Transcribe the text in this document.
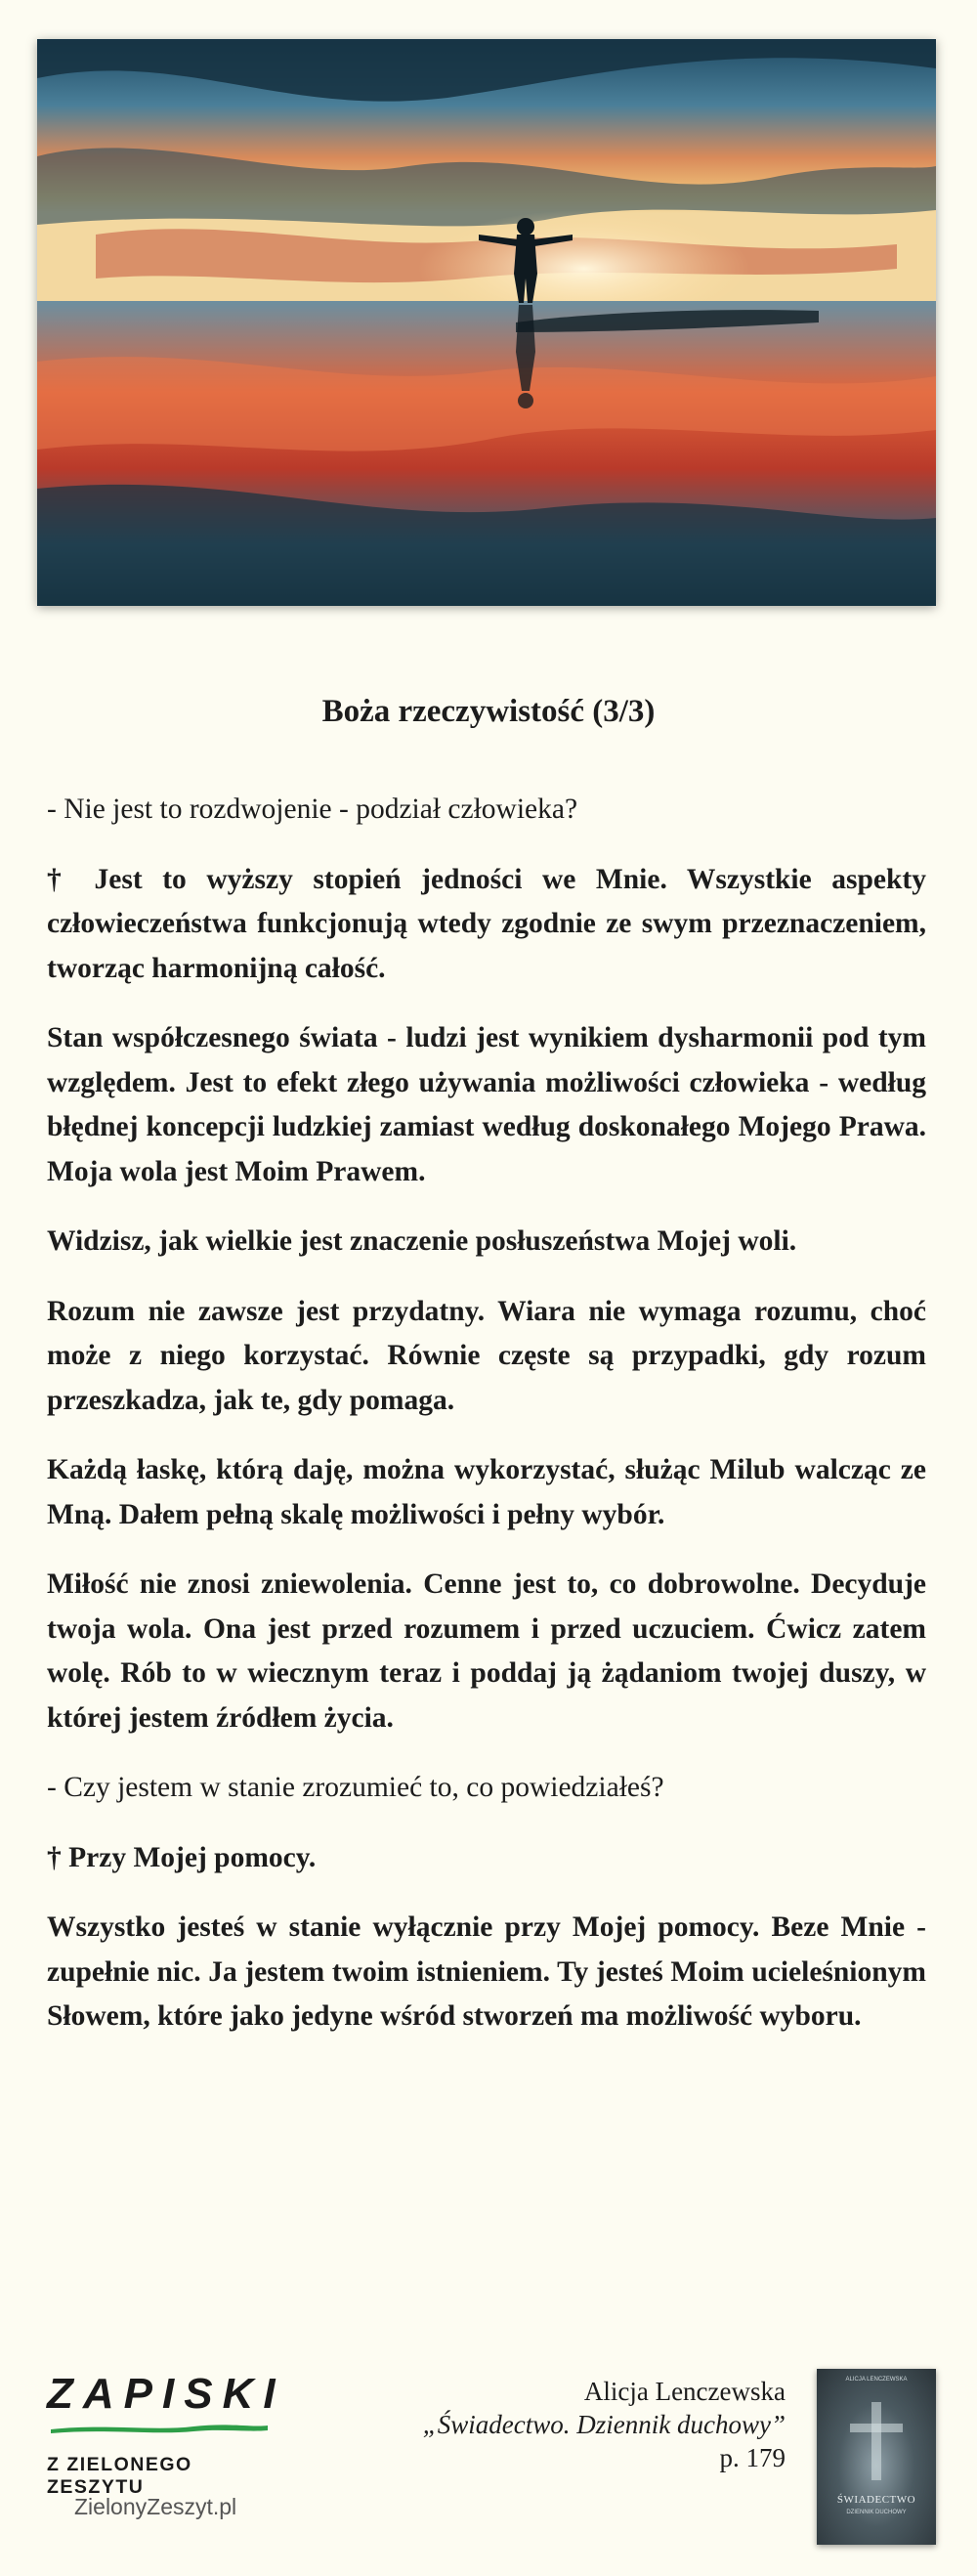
Boża rzeczywistość (3/3)

- Nie jest to rozdwojenie - podział człowieka?

† Jest to wyższy stopień jedności we Mnie. Wszystkie aspekty człowieczeństwa funkcjonują wtedy zgodnie ze swym przeznaczeniem, tworząc harmonijną całość.

Stan współczesnego świata - ludzi jest wynikiem dysharmonii pod tym względem. Jest to efekt złego używania możliwości człowieka - według błędnej koncepcji ludzkiej zamiast według doskonałego Mojego Prawa. Moja wola jest Moim Prawem.

Widzisz, jak wielkie jest znaczenie posłuszeństwa Mojej woli.

Rozum nie zawsze jest przydatny. Wiara nie wymaga rozumu, choć może z niego korzystać. Równie częste są przypadki, gdy rozum przeszkadza, jak te, gdy pomaga.

Każdą łaskę, którą daję, można wykorzystać, służąc Milub walcząc ze Mną. Dałem pełną skalę możliwości i pełny wybór.

Miłość nie znosi zniewolenia. Cenne jest to, co dobrowolne. Decyduje twoja wola. Ona jest przed rozumem i przed uczuciem. Ćwicz zatem wolę. Rób to w wiecznym teraz i poddaj ją żądaniom twojej duszy, w której jestem źródłem życia.

- Czy jestem w stanie zrozumieć to, co powiedziałeś?

† Przy Mojej pomocy.

Wszystko jesteś w stanie wyłącznie przy Mojej pomocy. Beze Mnie - zupełnie nic. Ja jestem twoim istnieniem. Ty jesteś Moim ucieleśnionym Słowem, które jako jedyne wśród stworzeń ma możliwość wyboru.

ZAPISKI
Z ZIELONEGO ZESZYTU
ZielonyZeszyt.pl
Alicja Lenczewska
„Świadectwo. Dziennik duchowy”
p. 179
ALICJA LENCZEWSKA
ŚWIADECTWO
DZIENNIK DUCHOWY
